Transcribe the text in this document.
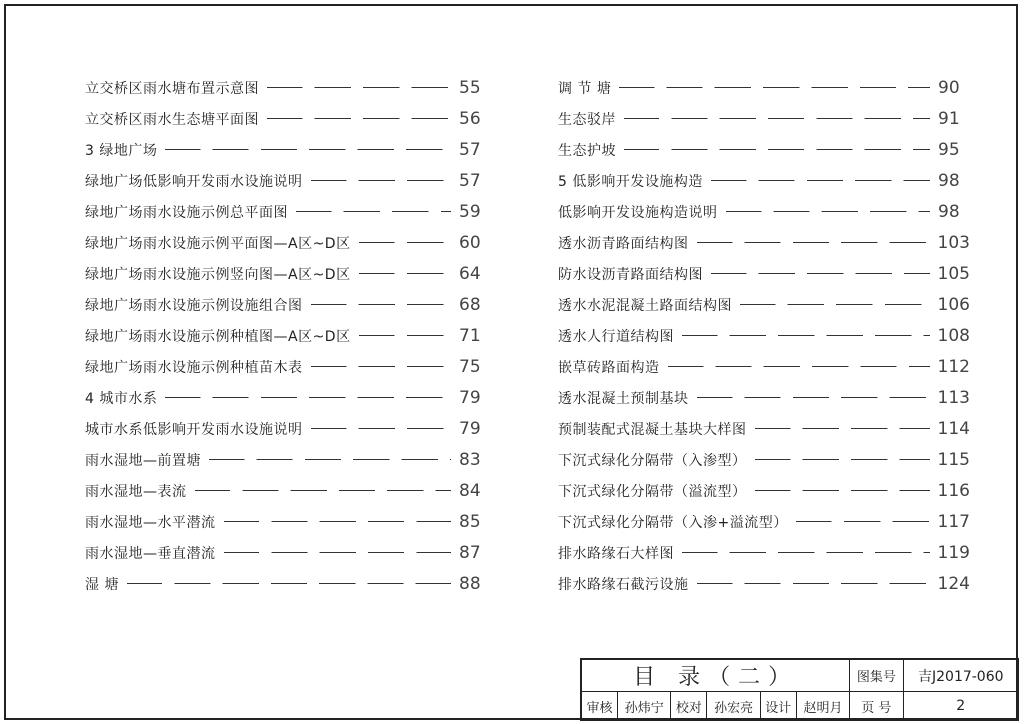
立交桥区雨水塘布置示意图	55
立交桥区雨水生态塘平面图	56
3 绿地广场	57
绿地广场低影响开发雨水设施说明	57
绿地广场雨水设施示例总平面图	59
绿地广场雨水设施示例平面图—A区~D区	60
绿地广场雨水设施示例竖向图—A区~D区	64
绿地广场雨水设施示例设施组合图	68
绿地广场雨水设施示例种植图—A区~D区	71
绿地广场雨水设施示例种植苗木表	75
4 城市水系	79
城市水系低影响开发雨水设施说明	79
雨水湿地—前置塘	83
雨水湿地—表流	84
雨水湿地—水平潜流	85
雨水湿地—垂直潜流	87
湿 塘	88
调 节 塘	90
生态驳岸	91
生态护坡	95
5 低影响开发设施构造	98
低影响开发设施构造说明	98
透水沥青路面结构图	103
防水设沥青路面结构图	105
透水水泥混凝土路面结构图	106
透水人行道结构图	108
嵌草砖路面构造	112
透水混凝土预制基块	113
预制装配式混凝土基块大样图	114
下沉式绿化分隔带（入渗型）	115
下沉式绿化分隔带（溢流型）	116
下沉式绿化分隔带（入渗+溢流型）	117
排水路缘石大样图	119
排水路缘石截污设施	124
目 录（二）						图集号	吉J2017-060
审核	孙炜宁	校对	孙宏亮	设计	赵明月	页 号	2
